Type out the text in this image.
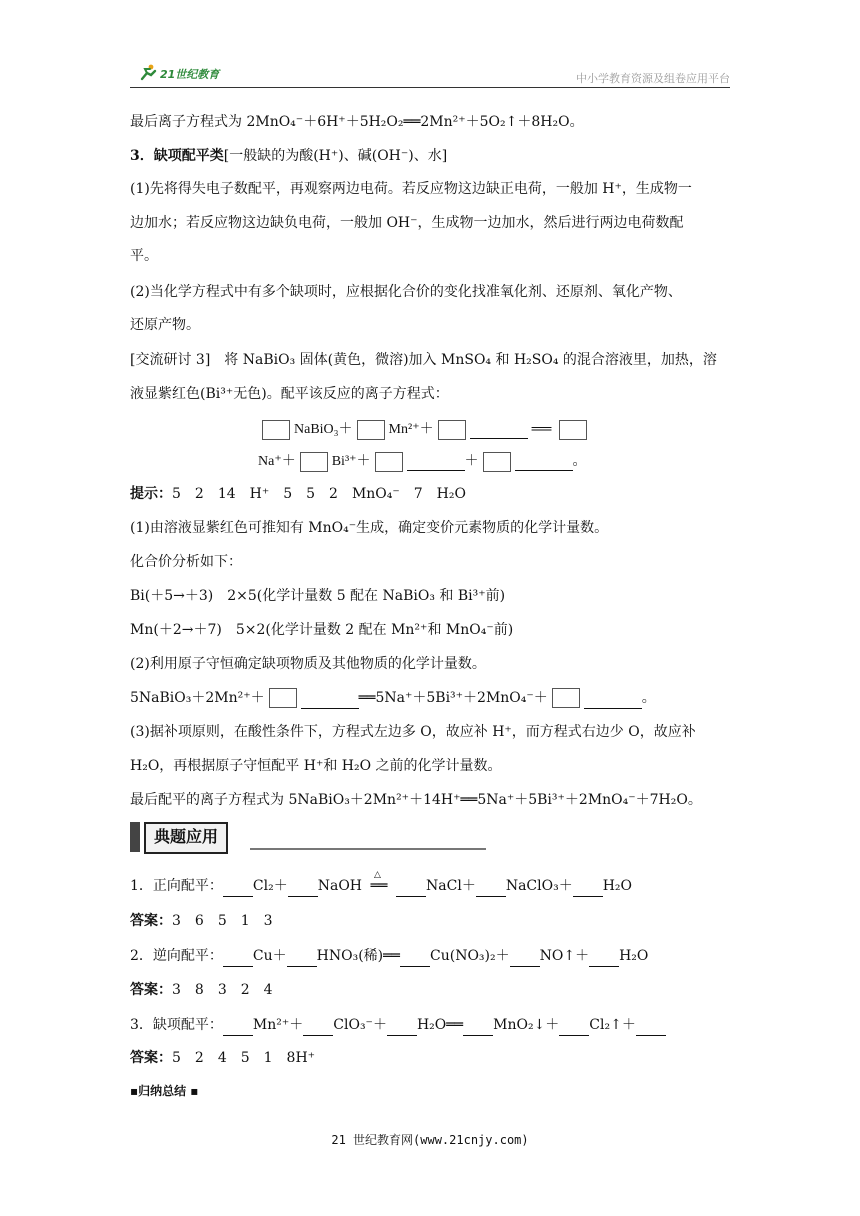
21世纪教育	中小学教育资源及组卷应用平台
最后离子方程式为 2MnO₄⁻＋6H⁺＋5H₂O₂══2Mn²⁺＋5O₂↑＋8H₂O。
3．缺项配平类[一般缺的为酸(H⁺)、碱(OH⁻)、水]
(1)先将得失电子数配平，再观察两边电荷。若反应物这边缺正电荷，一般加 H⁺，生成物一
边加水；若反应物这边缺负电荷，一般加 OH⁻，生成物一边加水，然后进行两边电荷数配
平。
(2)当化学方程式中有多个缺项时，应根据化合价的变化找准氧化剂、还原剂、氧化产物、
还原产物。
[交流研讨 3]　将 NaBiO₃ 固体(黄色，微溶)加入 MnSO₄ 和 H₂SO₄ 的混合溶液里，加热，溶
液显紫红色(Bi³⁺无色)。配平该反应的离子方程式：
NaBiO₃＋	Mn²⁺＋	══
Na⁺＋	Bi³⁺＋	＋	。
提示：5　2　14　H⁺　5　5　2　MnO₄⁻　7　H₂O
(1)由溶液显紫红色可推知有 MnO₄⁻生成，确定变价元素物质的化学计量数。
化合价分析如下：
Bi(＋5→＋3)　2×5(化学计量数 5 配在 NaBiO₃ 和 Bi³⁺前)
Mn(＋2→＋7)　5×2(化学计量数 2 配在 Mn²⁺和 MnO₄⁻前)
(2)利用原子守恒确定缺项物质及其他物质的化学计量数。
5NaBiO₃＋2Mn²⁺＋	══5Na⁺＋5Bi³⁺＋2MnO₄⁻＋	。
(3)据补项原则，在酸性条件下，方程式左边多 O，故应补 H⁺，而方程式右边少 O，故应补
H₂O，再根据原子守恒配平 H⁺和 H₂O 之前的化学计量数。
最后配平的离子方程式为 5NaBiO₃＋2Mn²⁺＋14H⁺══5Na⁺＋5Bi³⁺＋2MnO₄⁻＋7H₂O。
典题应用
1．正向配平： Cl₂＋ NaOH
△
══	NaCl＋ NaClO₃＋ H₂O
答案：3　6　5　1　3
2．逆向配平： Cu＋ HNO₃(稀)══ Cu(NO₃)₂＋ NO↑＋ H₂O
答案：3　8　3　2　4
3．缺项配平： Mn²⁺＋ ClO₃⁻＋ H₂O══ MnO₂↓＋ Cl₂↑＋
答案：5　2　4　5　1　8H⁺
▪归纳总结 ▪
21 世纪教育网(www.21cnjy.com)
